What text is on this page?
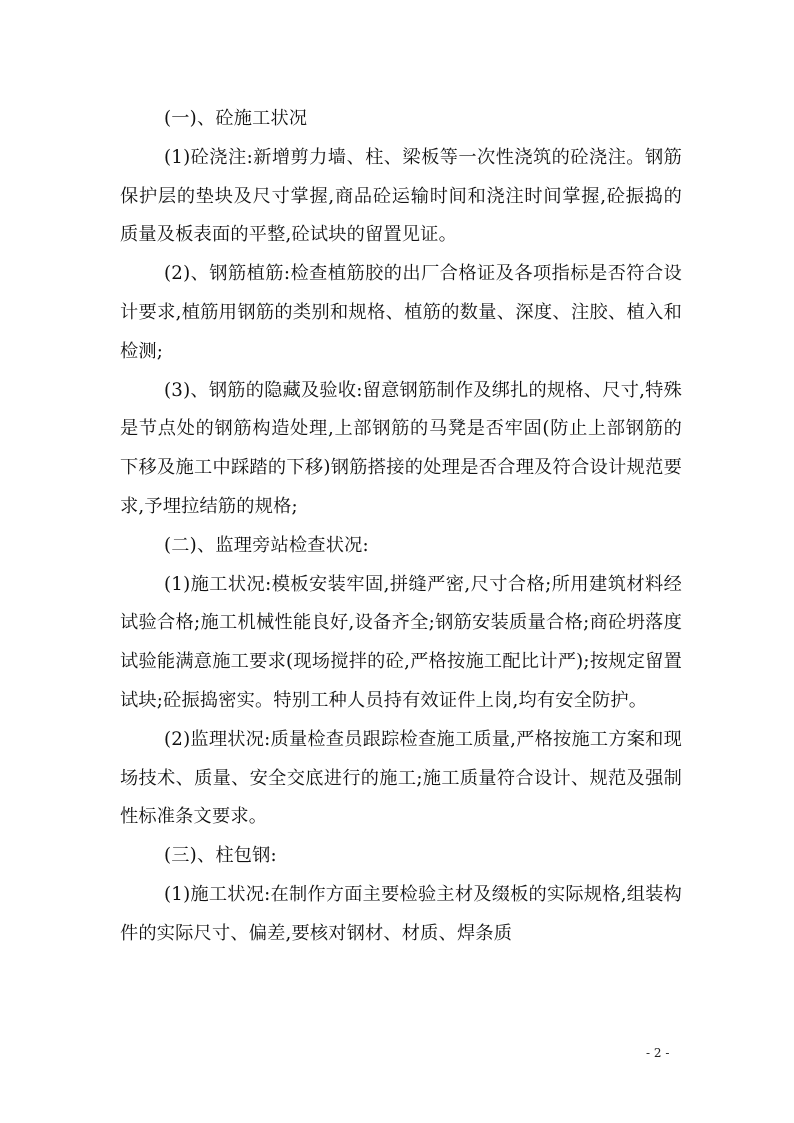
(一)、砼施工状况

(1)砼浇注:新增剪力墙、柱、梁板等一次性浇筑的砼浇注。钢筋保护层的垫块及尺寸掌握,商品砼运输时间和浇注时间掌握,砼振捣的质量及板表面的平整,砼试块的留置见证。

(2)、钢筋植筋:检查植筋胶的出厂合格证及各项指标是否符合设计要求,植筋用钢筋的类别和规格、植筋的数量、深度、注胶、植入和检测;

(3)、钢筋的隐藏及验收:留意钢筋制作及绑扎的规格、尺寸,特殊是节点处的钢筋构造处理,上部钢筋的马凳是否牢固(防止上部钢筋的下移及施工中踩踏的下移)钢筋搭接的处理是否合理及符合设计规范要求,予埋拉结筋的规格;

(二)、监理旁站检查状况:

(1)施工状况:模板安装牢固,拼缝严密,尺寸合格;所用建筑材料经试验合格;施工机械性能良好,设备齐全;钢筋安装质量合格;商砼坍落度试验能满意施工要求(现场搅拌的砼,严格按施工配比计严);按规定留置试块;砼振捣密实。特别工种人员持有效证件上岗,均有安全防护。

(2)监理状况:质量检查员跟踪检查施工质量,严格按施工方案和现场技术、质量、安全交底进行的施工;施工质量符合设计、规范及强制性标准条文要求。

(三)、柱包钢:

(1)施工状况:在制作方面主要检验主材及缀板的实际规格,组装构件的实际尺寸、偏差,要核对钢材、材质、焊条质

- 2 -
